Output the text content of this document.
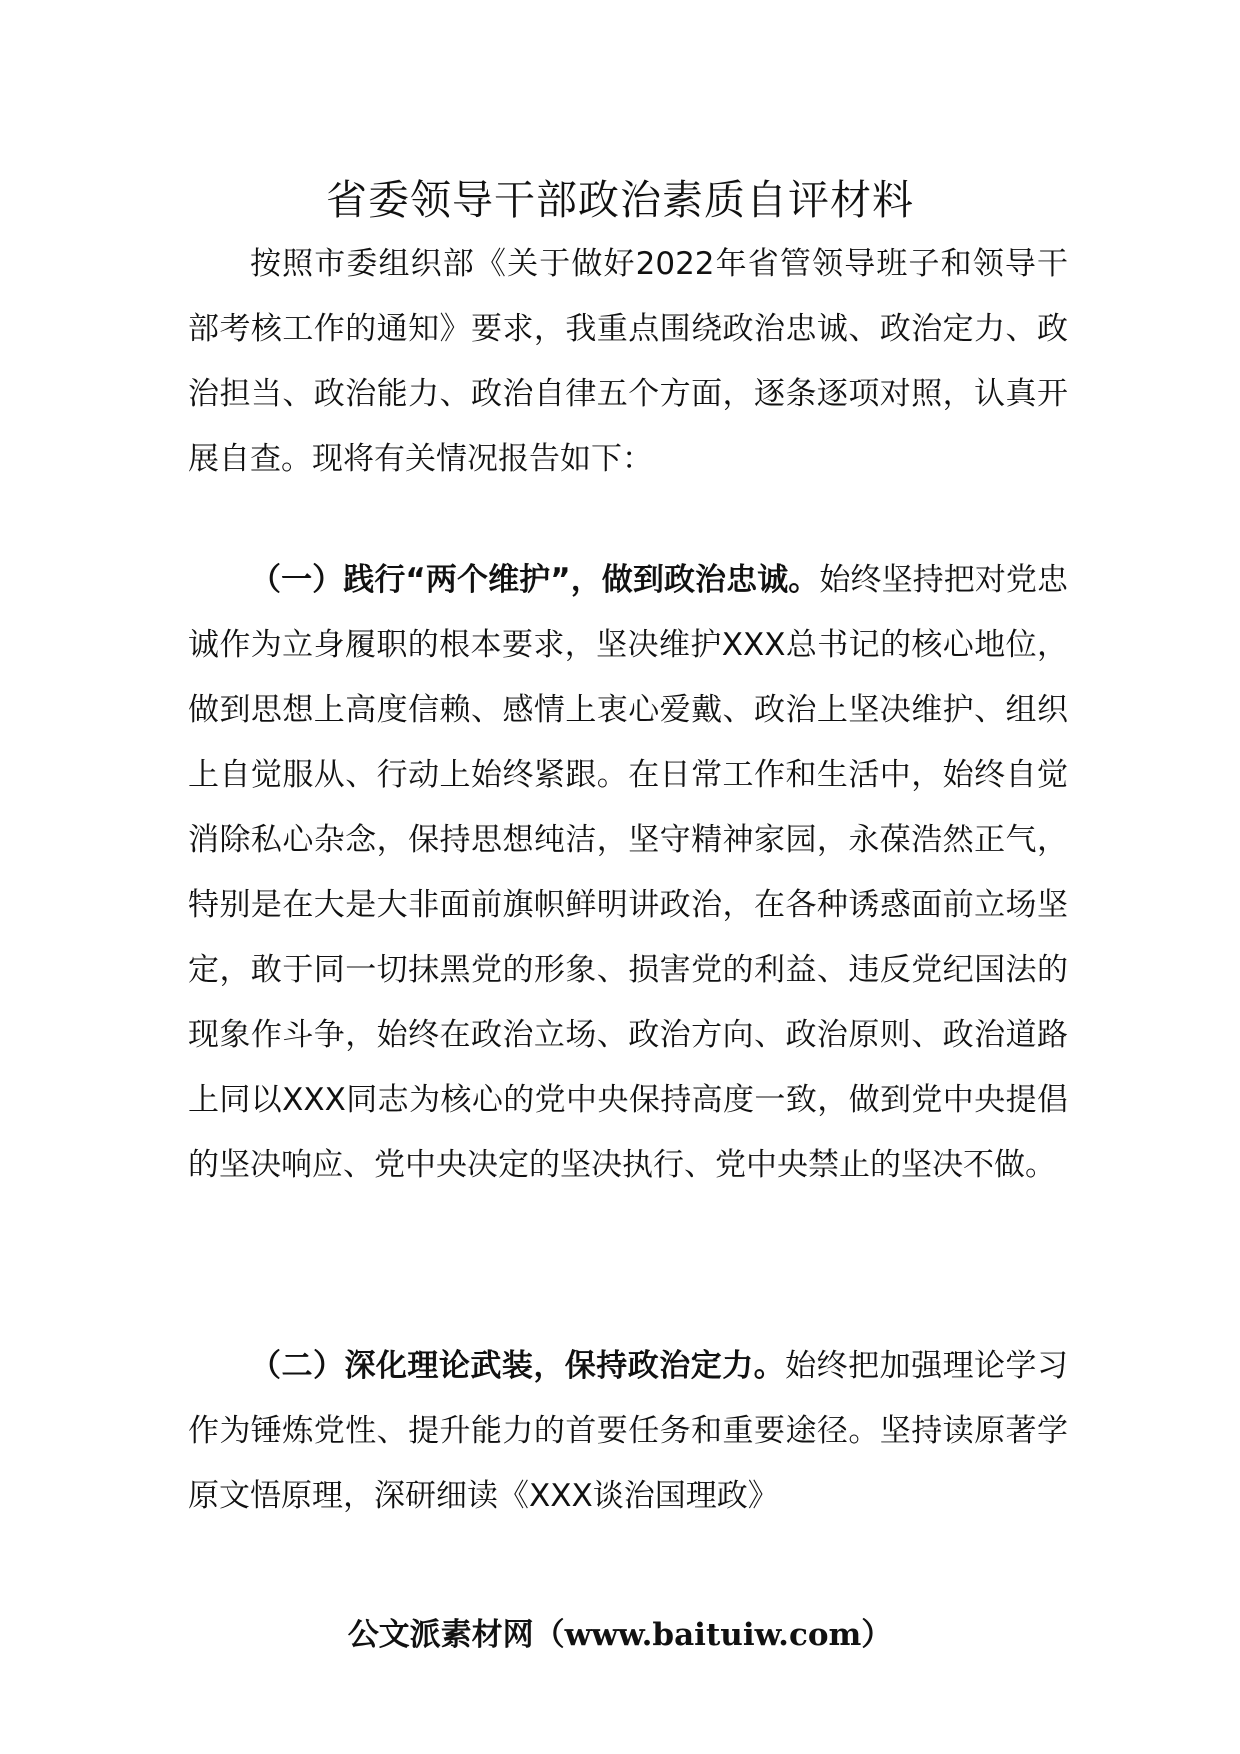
省委领导干部政治素质自评材料

按照市委组织部《关于做好2022年省管领导班子和领导干部考核工作的通知》要求，我重点围绕政治忠诚、政治定力、政治担当、政治能力、政治自律五个方面，逐条逐项对照，认真开展自查。现将有关情况报告如下：

（一）践行“两个维护”，做到政治忠诚。始终坚持把对党忠诚作为立身履职的根本要求，坚决维护XXX总书记的核心地位，做到思想上高度信赖、感情上衷心爱戴、政治上坚决维护、组织上自觉服从、行动上始终紧跟。在日常工作和生活中，始终自觉消除私心杂念，保持思想纯洁，坚守精神家园，永葆浩然正气，特别是在大是大非面前旗帜鲜明讲政治，在各种诱惑面前立场坚定，敢于同一切抹黑党的形象、损害党的利益、违反党纪国法的现象作斗争，始终在政治立场、政治方向、政治原则、政治道路上同以XXX同志为核心的党中央保持高度一致，做到党中央提倡的坚决响应、党中央决定的坚决执行、党中央禁止的坚决不做。

（二）深化理论武装，保持政治定力。始终把加强理论学习作为锤炼党性、提升能力的首要任务和重要途径。坚持读原著学原文悟原理，深研细读《XXX谈治国理政》

公文派素材网（www.baituiw.com）
